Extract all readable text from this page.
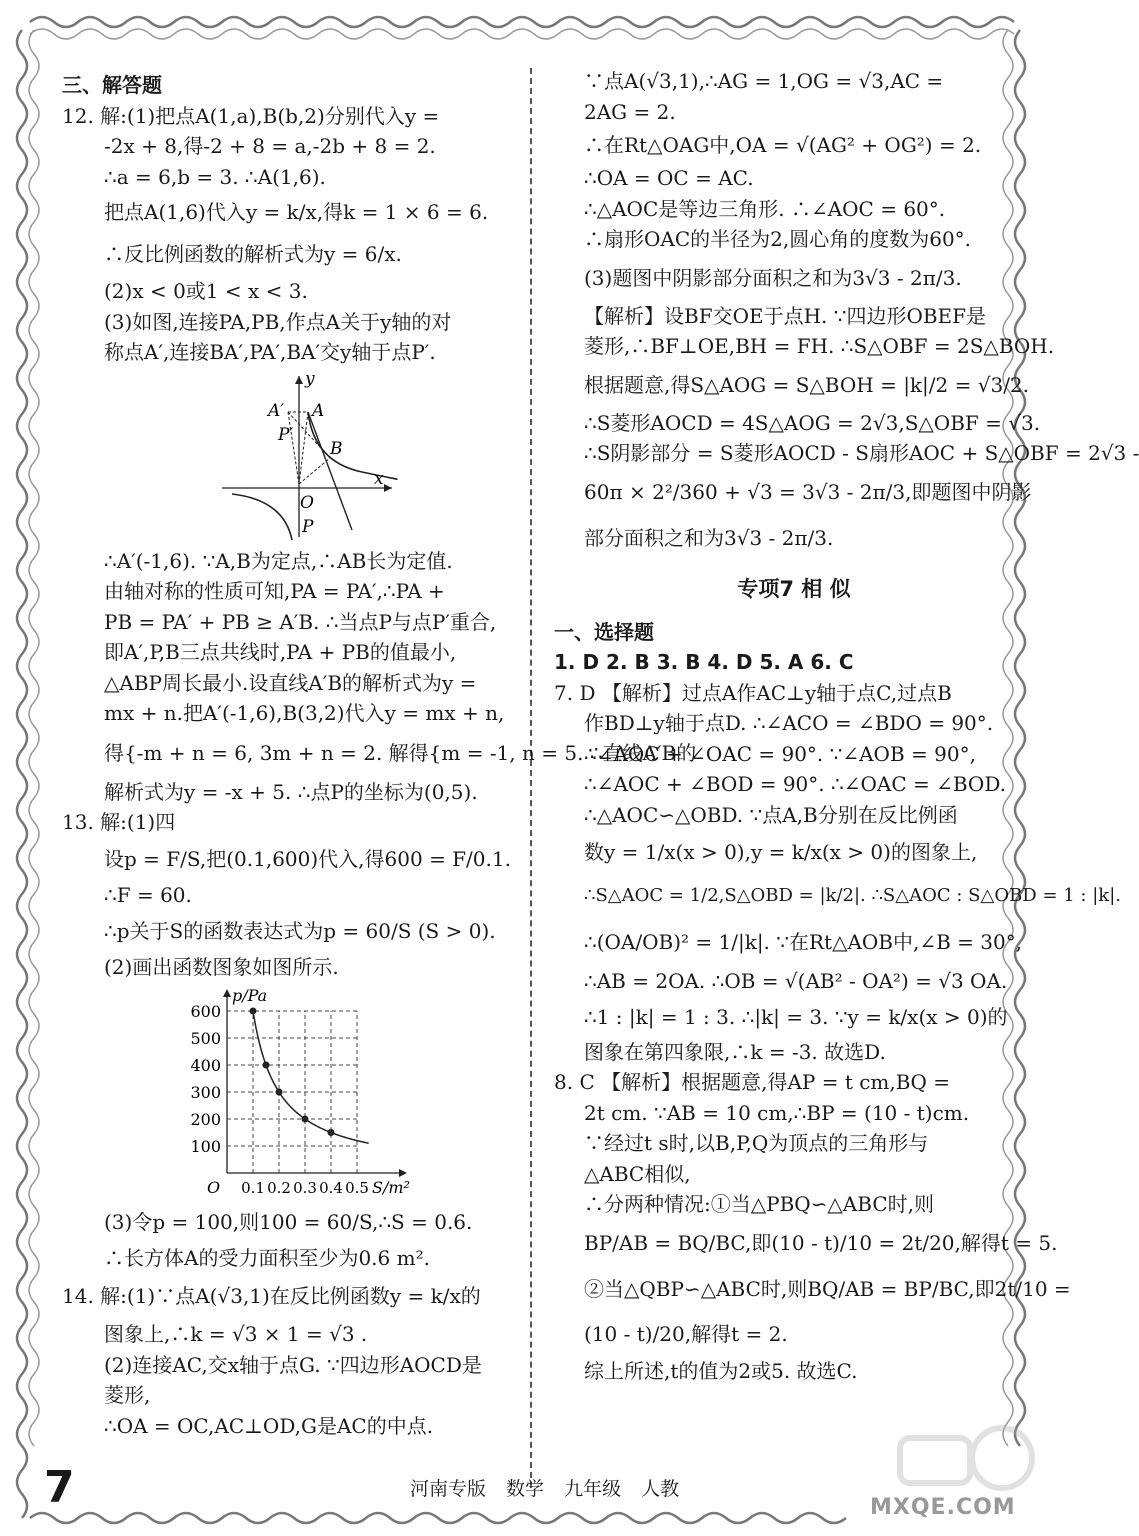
三、解答题
12. 解:(1)把点A(1,a),B(b,2)分别代入y =
-2x + 8,得-2 + 8 = a,-2b + 8 = 2.
∴a = 6,b = 3. ∴A(1,6).
把点A(1,6)代入y = k/x,得k = 1 × 6 = 6.
∴反比例函数的解析式为y = 6/x.
(2)x < 0或1 < x < 3.
(3)如图,连接PA,PB,作点A关于y轴的对
称点A′,连接BA′,PA′,BA′交y轴于点P′.
y
x
O
A
A′
B
P
P′
∴A′(-1,6). ∵A,B为定点,∴AB长为定值.
由轴对称的性质可知,PA = PA′,∴PA +
PB = PA′ + PB ≥ A′B. ∴当点P与点P′重合,
即A′,P,B三点共线时,PA + PB的值最小,
△ABP周长最小.设直线A′B的解析式为y =
mx + n.把A′(-1,6),B(3,2)代入y = mx + n,
得{-m + n = 6, 3m + n = 2. 解得{m = -1, n = 5. ∴直线A′B的
解析式为y = -x + 5. ∴点P的坐标为(0,5).
13. 解:(1)四
设p = F/S,把(0.1,600)代入,得600 = F/0.1.
∴F = 60.
∴p关于S的函数表达式为p = 60/S (S > 0).
(2)画出函数图象如图所示.
600
500
400
300
200
100
0.1 0.2 0.3 0.4 0.5
p/Pa
S/m²
O
(3)令p = 100,则100 = 60/S,∴S = 0.6.
∴长方体A的受力面积至少为0.6 m².
14. 解:(1)∵点A(√3,1)在反比例函数y = k/x的
图象上,∴k = √3 × 1 = √3 .
(2)连接AC,交x轴于点G. ∵四边形AOCD是
菱形,
∴OA = OC,AC⊥OD,G是AC的中点.
∵点A(√3,1),∴AG = 1,OG = √3,AC =
2AG = 2.
∴在Rt△OAG中,OA = √(AG² + OG²) = 2.
∴OA = OC = AC.
∴△AOC是等边三角形. ∴∠AOC = 60°.
∴扇形OAC的半径为2,圆心角的度数为60°.
(3)题图中阴影部分面积之和为3√3 - 2π/3.
【解析】设BF交OE于点H. ∵四边形OBEF是
菱形,∴BF⊥OE,BH = FH. ∴S△OBF = 2S△BOH.
根据题意,得S△AOG = S△BOH = |k|/2 = √3/2.
∴S菱形AOCD = 4S△AOG = 2√3,S△OBF = √3.
∴S阴影部分 = S菱形AOCD - S扇形AOC + S△OBF = 2√3 -
60π × 2²/360 + √3 = 3√3 - 2π/3,即题图中阴影
部分面积之和为3√3 - 2π/3.
专项7 相 似
一、选择题
1. D 2. B 3. B 4. D 5. A 6. C
7. D 【解析】过点A作AC⊥y轴于点C,过点B
作BD⊥y轴于点D. ∴∠ACO = ∠BDO = 90°.
∴∠AOC + ∠OAC = 90°. ∵∠AOB = 90°,
∴∠AOC + ∠BOD = 90°. ∴∠OAC = ∠BOD.
∴△AOC∽△OBD. ∵点A,B分别在反比例函
数y = 1/x(x > 0),y = k/x(x > 0)的图象上,
∴S△AOC = 1/2,S△OBD = |k/2|. ∴S△AOC : S△OBD = 1 : |k|.
∴(OA/OB)² = 1/|k|. ∵在Rt△AOB中,∠B = 30°,
∴AB = 2OA. ∴OB = √(AB² - OA²) = √3 OA.
∴1 : |k| = 1 : 3. ∴|k| = 3. ∵y = k/x(x > 0)的
图象在第四象限,∴k = -3. 故选D.
8. C 【解析】根据题意,得AP = t cm,BQ =
2t cm. ∵AB = 10 cm,∴BP = (10 - t)cm.
∵经过t s时,以B,P,Q为顶点的三角形与
△ABC相似,
∴分两种情况:①当△PBQ∽△ABC时,则
BP/AB = BQ/BC,即(10 - t)/10 = 2t/20,解得t = 5.
②当△QBP∽△ABC时,则BQ/AB = BP/BC,即2t/10 =
(10 - t)/20,解得t = 2.
综上所述,t的值为2或5. 故选C.
7	河南专版 数学 九年级 人教
MXQE.COM
